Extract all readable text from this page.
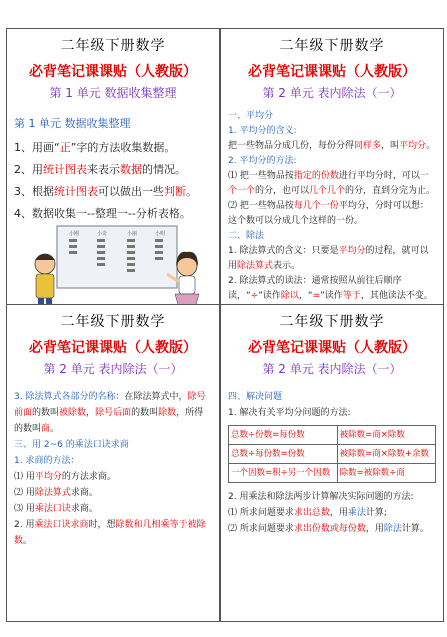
二年级下册数学
必背笔记课课贴（人教版）
第 1 单元 数据收集整理
第 1 单元 数据收集整理
1、用画“正”字的方法收集数据。
2、用统计图表来表示数据的情况。
3、根据统计图表可以做出一些判断。
4、数据收集一--整理一--分析表格。
小刚	小奇	小丽	小明
二年级下册数学
必背笔记课课贴（人教版）
第 2 单元 表内除法（一）
一、平均分
1. 平均分的含义:
把一些物品分成几份，每份分得同样多，叫平均分。
2. 平均分的方法:
⑴ 把一些物品按指定的份数进行平均分时，可以一个一个的分，也可以几个几个的分，直到分完为止。
⑵ 把一些物品按每几个一份平均分，分时可以想：这个数可以分成几个这样的一份。
二、除法
1. 除法算式的含义：只要是平均分的过程，就可以用除法算式表示。
2. 除法算式的读法：通常按照从前往后顺序读，“÷”读作除以，“=”读作等于，其他读法不变。
二年级下册数学
必背笔记课课贴（人教版）
第 2 单元 表内除法（一）
3. 除法算式各部分的名称：在除法算式中，除号前面的数叫被除数，除号后面的数叫除数，所得的数叫商。
三、用 2~6 的乘法口诀求商
1. 求商的方法：
⑴ 用平均分的方法求商。
⑵ 用除法算式求商。
⑶ 用乘法口诀求商。
2. 用乘法口诀求商时，想除数和几相乘等于被除数。
二年级下册数学
必背笔记课课贴（人教版）
第 2 单元 表内除法（一）
四、解决问题
1. 解决有关平均分问题的方法:
总数÷份数=每份数	被除数=商×除数
总数÷每份数=份数	被除数=商×除数+余数
一个因数=积÷另一个因数	除数=被除数÷商
2. 用乘法和除法两步计算解决实际问题的方法:
⑴ 所求问题要求求出总数，用乘法计算;
⑵ 所求问题要求求出份数或每份数，用除法计算。
